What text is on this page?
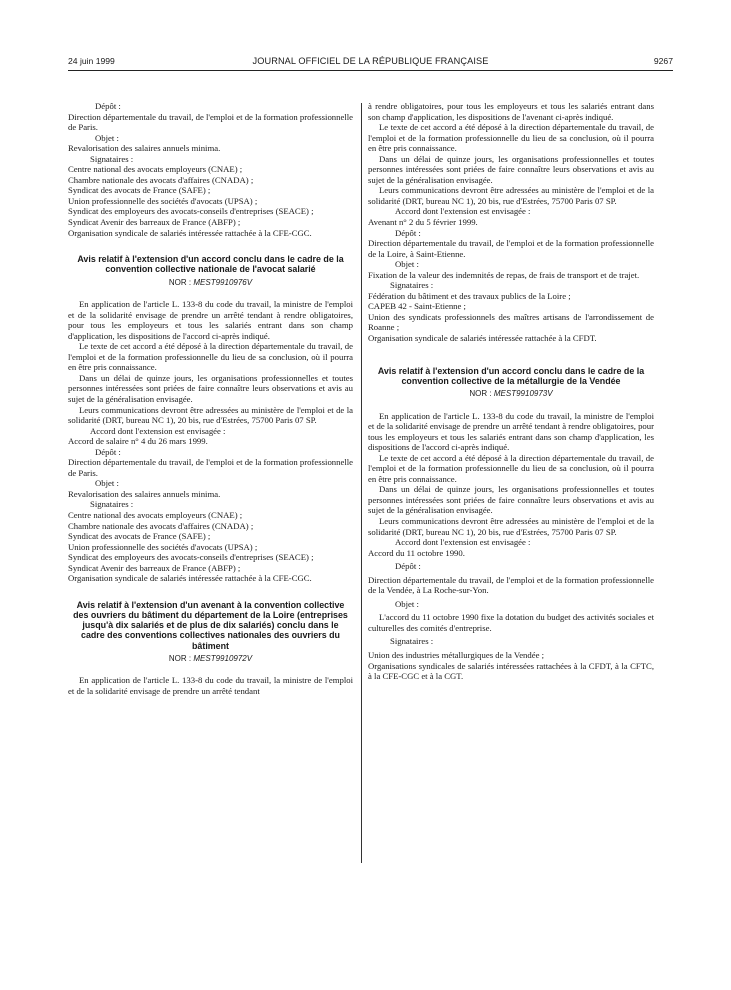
24 juin 1999	JOURNAL OFFICIEL DE LA RÉPUBLIQUE FRANÇAISE	9267

Dépôt :

Direction départementale du travail, de l'emploi et de la formation professionnelle de Paris.

Objet :

Revalorisation des salaires annuels minima.

Signataires :

Centre national des avocats employeurs (CNAE) ;

Chambre nationale des avocats d'affaires (CNADA) ;

Syndicat des avocats de France (SAFE) ;

Union professionnelle des sociétés d'avocats (UPSA) ;

Syndicat des employeurs des avocats-conseils d'entreprises (SEACE) ;

Syndicat Avenir des barreaux de France (ABFP) ;

Organisation syndicale de salariés intéressée rattachée à la CFE-CGC.

Avis relatif à l'extension d'un accord conclu dans le cadre de la convention collective nationale de l'avocat salarié

NOR : MEST9910976V

En application de l'article L. 133-8 du code du travail, la ministre de l'emploi et de la solidarité envisage de prendre un arrêté tendant à rendre obligatoires, pour tous les employeurs et tous les salariés entrant dans son champ d'application, les dispositions de l'accord ci-après indiqué.

Le texte de cet accord a été déposé à la direction départementale du travail, de l'emploi et de la formation professionnelle du lieu de sa conclusion, où il pourra en être pris connaissance.

Dans un délai de quinze jours, les organisations professionnelles et toutes personnes intéressées sont priées de faire connaître leurs observations et avis au sujet de la généralisation envisagée.

Leurs communications devront être adressées au ministère de l'emploi et de la solidarité (DRT, bureau NC 1), 20 bis, rue d'Estrées, 75700 Paris 07 SP.

Accord dont l'extension est envisagée :

Accord de salaire n° 4 du 26 mars 1999.

Dépôt :

Direction départementale du travail, de l'emploi et de la formation professionnelle de Paris.

Objet :

Revalorisation des salaires annuels minima.

Signataires :

Centre national des avocats employeurs (CNAE) ;

Chambre nationale des avocats d'affaires (CNADA) ;

Syndicat des avocats de France (SAFE) ;

Union professionnelle des sociétés d'avocats (UPSA) ;

Syndicat des employeurs des avocats-conseils d'entreprises (SEACE) ;

Syndicat Avenir des barreaux de France (ABFP) ;

Organisation syndicale de salariés intéressée rattachée à la CFE-CGC.

Avis relatif à l'extension d'un avenant à la convention collective des ouvriers du bâtiment du département de la Loire (entreprises jusqu'à dix salariés et de plus de dix salariés) conclu dans le cadre des conventions collectives nationales des ouvriers du bâtiment

NOR : MEST9910972V

En application de l'article L. 133-8 du code du travail, la ministre de l'emploi et de la solidarité envisage de prendre un arrêté tendant

à rendre obligatoires, pour tous les employeurs et tous les salariés entrant dans son champ d'application, les dispositions de l'avenant ci-après indiqué.

Le texte de cet accord a été déposé à la direction départementale du travail, de l'emploi et de la formation professionnelle du lieu de sa conclusion, où il pourra en être pris connaissance.

Dans un délai de quinze jours, les organisations professionnelles et toutes personnes intéressées sont priées de faire connaître leurs observations et avis au sujet de la généralisation envisagée.

Leurs communications devront être adressées au ministère de l'emploi et de la solidarité (DRT, bureau NC 1), 20 bis, rue d'Estrées, 75700 Paris 07 SP.

Accord dont l'extension est envisagée :

Avenant n° 2 du 5 février 1999.

Dépôt :

Direction départementale du travail, de l'emploi et de la formation professionnelle de la Loire, à Saint-Etienne.

Objet :

Fixation de la valeur des indemnités de repas, de frais de transport et de trajet.

Signataires :

Fédération du bâtiment et des travaux publics de la Loire ;

CAPEB 42 - Saint-Etienne ;

Union des syndicats professionnels des maîtres artisans de l'arrondissement de Roanne ;

Organisation syndicale de salariés intéressée rattachée à la CFDT.

Avis relatif à l'extension d'un accord conclu dans le cadre de la convention collective de la métallurgie de la Vendée

NOR : MEST9910973V

En application de l'article L. 133-8 du code du travail, la ministre de l'emploi et de la solidarité envisage de prendre un arrêté tendant à rendre obligatoires, pour tous les employeurs et tous les salariés entrant dans son champ d'application, les dispositions de l'accord ci-après indiqué.

Le texte de cet accord a été déposé à la direction départementale du travail, de l'emploi et de la formation professionnelle du lieu de sa conclusion, où il pourra en être pris connaissance.

Dans un délai de quinze jours, les organisations professionnelles et toutes personnes intéressées sont priées de faire connaître leurs observations et avis au sujet de la généralisation envisagée.

Leurs communications devront être adressées au ministère de l'emploi et de la solidarité (DRT, bureau NC 1), 20 bis, rue d'Estrées, 75700 Paris 07 SP.

Accord dont l'extension est envisagée :

Accord du 11 octobre 1990.

Dépôt :

Direction départementale du travail, de l'emploi et de la formation professionnelle de la Vendée, à La Roche-sur-Yon.

Objet :

L'accord du 11 octobre 1990 fixe la dotation du budget des activités sociales et culturelles des comités d'entreprise.

Signataires :

Union des industries métallurgiques de la Vendée ;

Organisations syndicales de salariés intéressées rattachées à la CFDT, à la CFTC, à la CFE-CGC et à la CGT.
